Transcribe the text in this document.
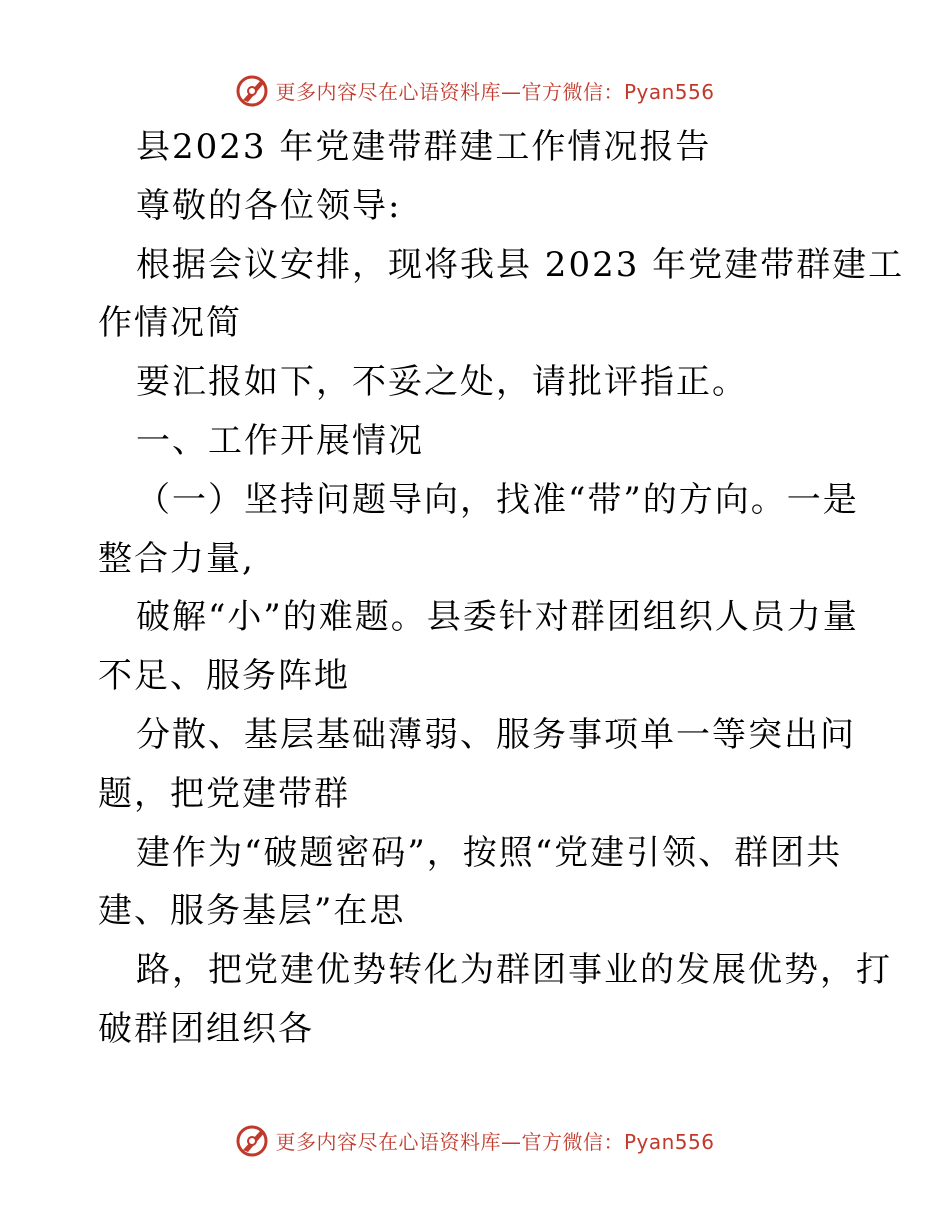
更多内容尽在心语资料库—官方微信：Pyan556
县2023 年党建带群建工作情况报告
尊敬的各位领导:
根据会议安排，现将我县 2023 年党建带群建工
作情况简
要汇报如下，不妥之处，请批评指正。
一、工作开展情况
（一）坚持问题导向，找准“带”的方向。一是
整合力量,
破解“小”的难题。县委针对群团组织人员力量
不足、服务阵地
分散、基层基础薄弱、服务事项单一等突出问
题，把党建带群
建作为“破题密码”，按照“党建引领、群团共
建、服务基层”在思
路，把党建优势转化为群团事业的发展优势，打
破群团组织各
更多内容尽在心语资料库—官方微信：Pyan556
